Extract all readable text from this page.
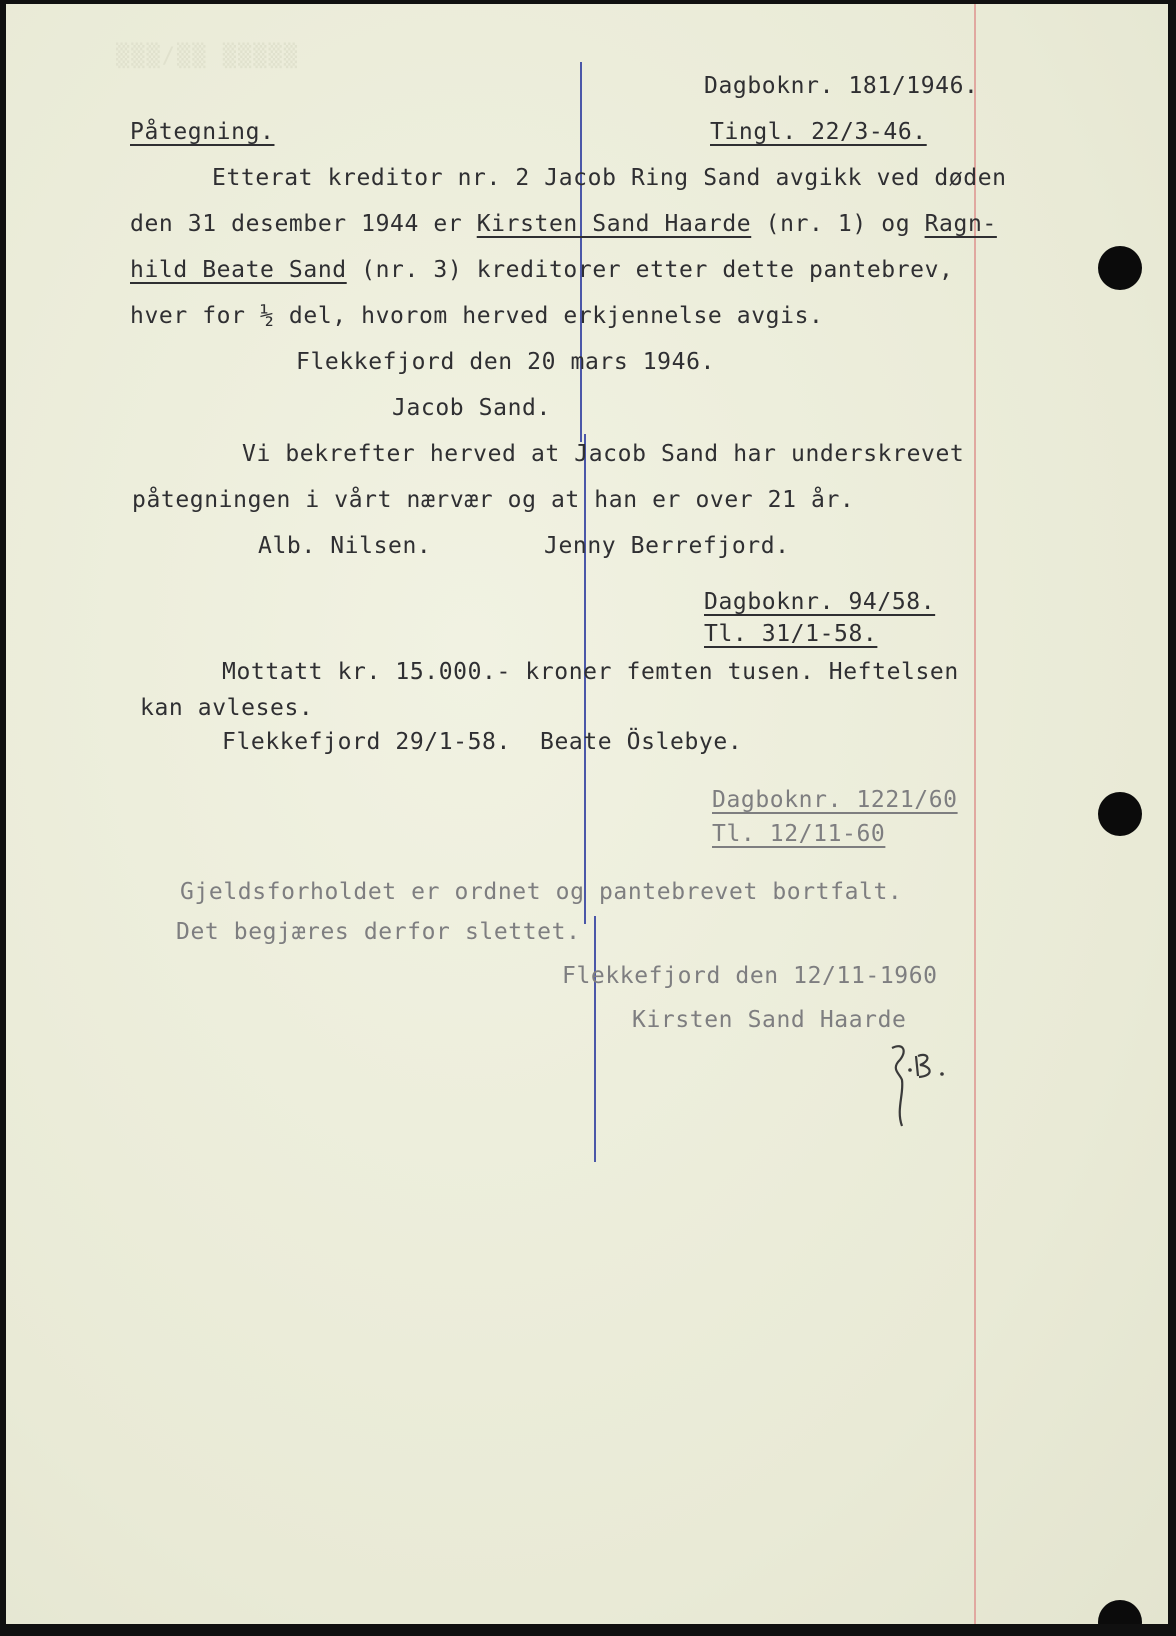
▒▒▒/▒▒ ▒▒▒▒▒
Dagboknr. 181/1946.
Påtegning.	Tingl. 22/3-46.
Etterat kreditor nr. 2 Jacob Ring Sand avgikk ved døden
den 31 desember 1944 er Kirsten Sand Haarde (nr. 1) og Ragn-
hild Beate Sand (nr. 3) kreditorer etter dette pantebrev,
hver for ½ del, hvorom herved erkjennelse avgis.
Flekkefjord den 20 mars 1946.
Jacob Sand.
Vi bekrefter herved at Jacob Sand har underskrevet
påtegningen i vårt nærvær og at han er over 21 år.
Alb. Nilsen.	Jenny Berrefjord.
Dagboknr. 94/58.
Tl. 31/1-58.
Mottatt kr. 15.000.- kroner femten tusen. Heftelsen
kan avleses.
Flekkefjord 29/1-58. Beate Öslebye.
Dagboknr. 1221/60
Tl. 12/11-60
Gjeldsforholdet er ordnet og pantebrevet bortfalt.
Det begjæres derfor slettet.
Flekkefjord den 12/11-1960
Kirsten Sand Haarde
